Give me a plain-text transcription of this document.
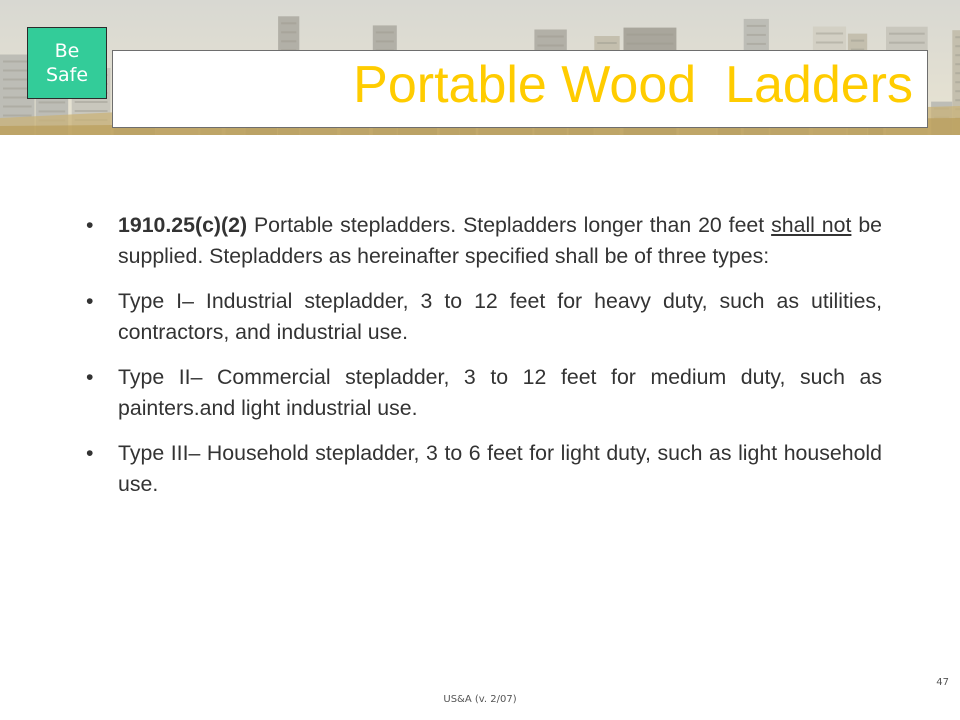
Portable Wood  Ladders
Be
Safe
• 1910.25(c)(2) Portable stepladders. Stepladders longer than 20 feet shall not be supplied. Stepladders as hereinafter specified shall be of three types:
• Type I– Industrial stepladder, 3 to 12 feet for heavy duty, such as utilities, contractors, and industrial use.
• Type II– Commercial stepladder, 3 to 12 feet for medium duty, such as painters.and light industrial use.
• Type III– Household stepladder, 3 to 6 feet for light duty, such as light household use.
US&A (v. 2/07)
47
